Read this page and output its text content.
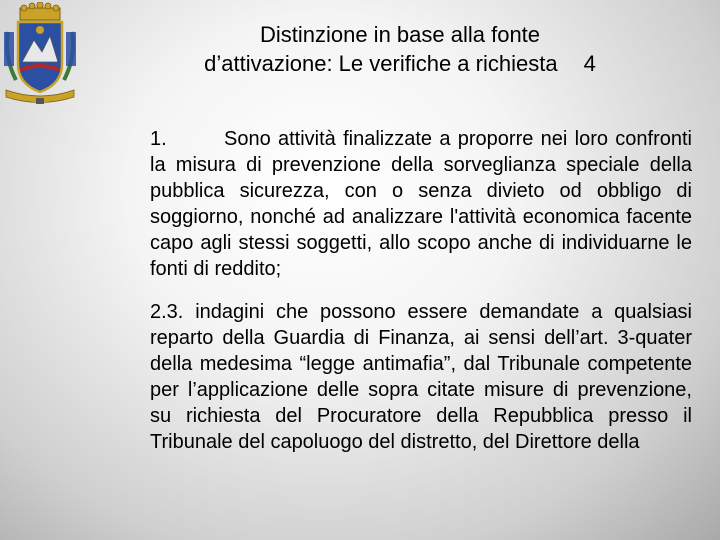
Distinzione in base alla fonte
d’attivazione: Le verifiche a richiesta 4

1.	Sono attività finalizzate a proporre nei loro confronti la misura di prevenzione della sorveglianza speciale della pubblica sicurezza, con o senza divieto od obbligo di soggiorno, nonché ad analizzare l'attività economica facente capo agli stessi soggetti, allo scopo anche di individuarne le fonti di reddito;

2.3. indagini che possono essere demandate a qualsiasi reparto della Guardia di Finanza, ai sensi dell’art. 3-quater della medesima “legge antimafia”, dal Tribunale competente per l’applicazione delle sopra citate misure di prevenzione, su richiesta del Procuratore della Repubblica presso il Tribunale del capoluogo del distretto, del Direttore della
